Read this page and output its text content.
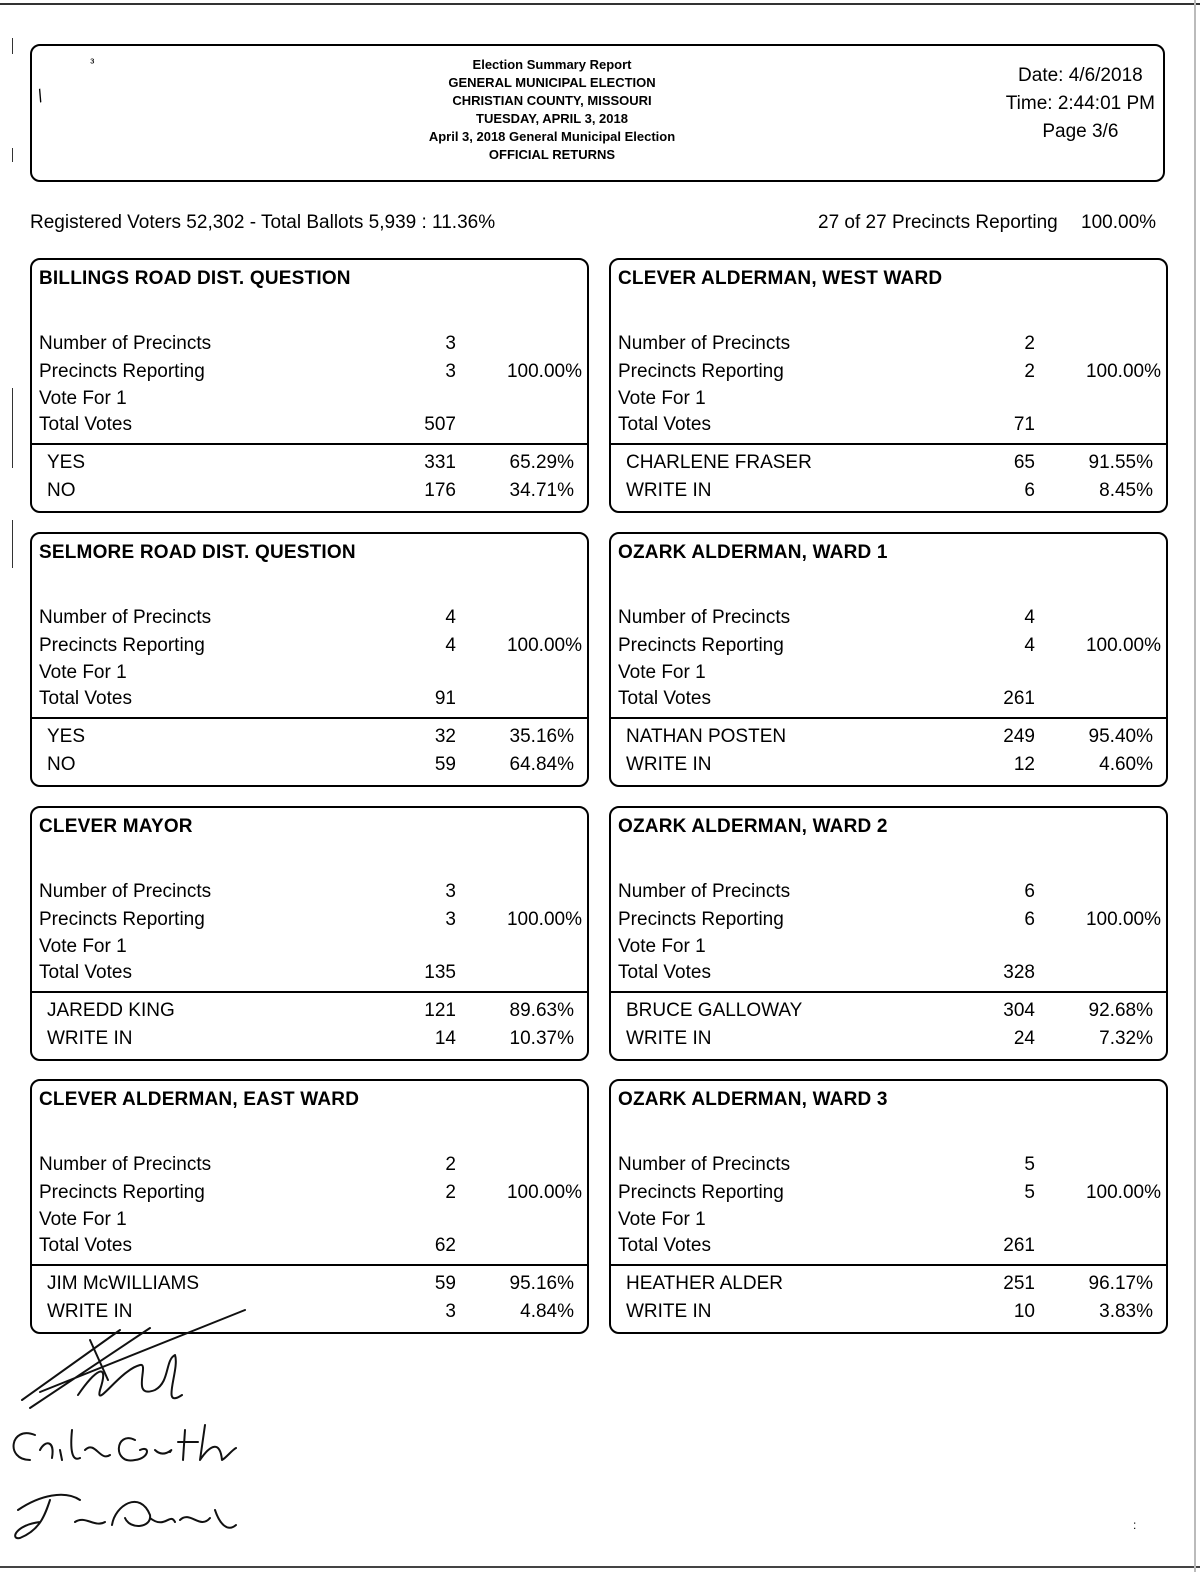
ᵌ
/
Election Summary Report
GENERAL MUNICIPAL ELECTION
CHRISTIAN COUNTY, MISSOURI
TUESDAY, APRIL 3, 2018
April 3, 2018 General Municipal Election
OFFICIAL RETURNS
Date: 4/6/2018
Time: 2:44:01 PM
Page 3/6
Registered Voters 52,302 - Total Ballots 5,939 : 11.36%	27 of 27 Precincts Reporting 100.00%
BILLINGS ROAD DIST. QUESTION
Number of Precincts	3
Precincts Reporting	3	100.00%
Vote For 1
Total Votes	507
YES	331	65.29%
NO	176	34.71%
CLEVER ALDERMAN, WEST WARD
Number of Precincts	2
Precincts Reporting	2	100.00%
Vote For 1
Total Votes	71
CHARLENE FRASER	65	91.55%
WRITE IN	6	8.45%
SELMORE ROAD DIST. QUESTION
Number of Precincts	4
Precincts Reporting	4	100.00%
Vote For 1
Total Votes	91
YES	32	35.16%
NO	59	64.84%
OZARK ALDERMAN, WARD 1
Number of Precincts	4
Precincts Reporting	4	100.00%
Vote For 1
Total Votes	261
NATHAN POSTEN	249	95.40%
WRITE IN	12	4.60%
CLEVER MAYOR
Number of Precincts	3
Precincts Reporting	3	100.00%
Vote For 1
Total Votes	135
JAREDD KING	121	89.63%
WRITE IN	14	10.37%
OZARK ALDERMAN, WARD 2
Number of Precincts	6
Precincts Reporting	6	100.00%
Vote For 1
Total Votes	328
BRUCE GALLOWAY	304	92.68%
WRITE IN	24	7.32%
CLEVER ALDERMAN, EAST WARD
Number of Precincts	2
Precincts Reporting	2	100.00%
Vote For 1
Total Votes	62
JIM McWILLIAMS	59	95.16%
WRITE IN	3	4.84%
OZARK ALDERMAN, WARD 3
Number of Precincts	5
Precincts Reporting	5	100.00%
Vote For 1
Total Votes	261
HEATHER ALDER	251	96.17%
WRITE IN	10	3.83%
:
